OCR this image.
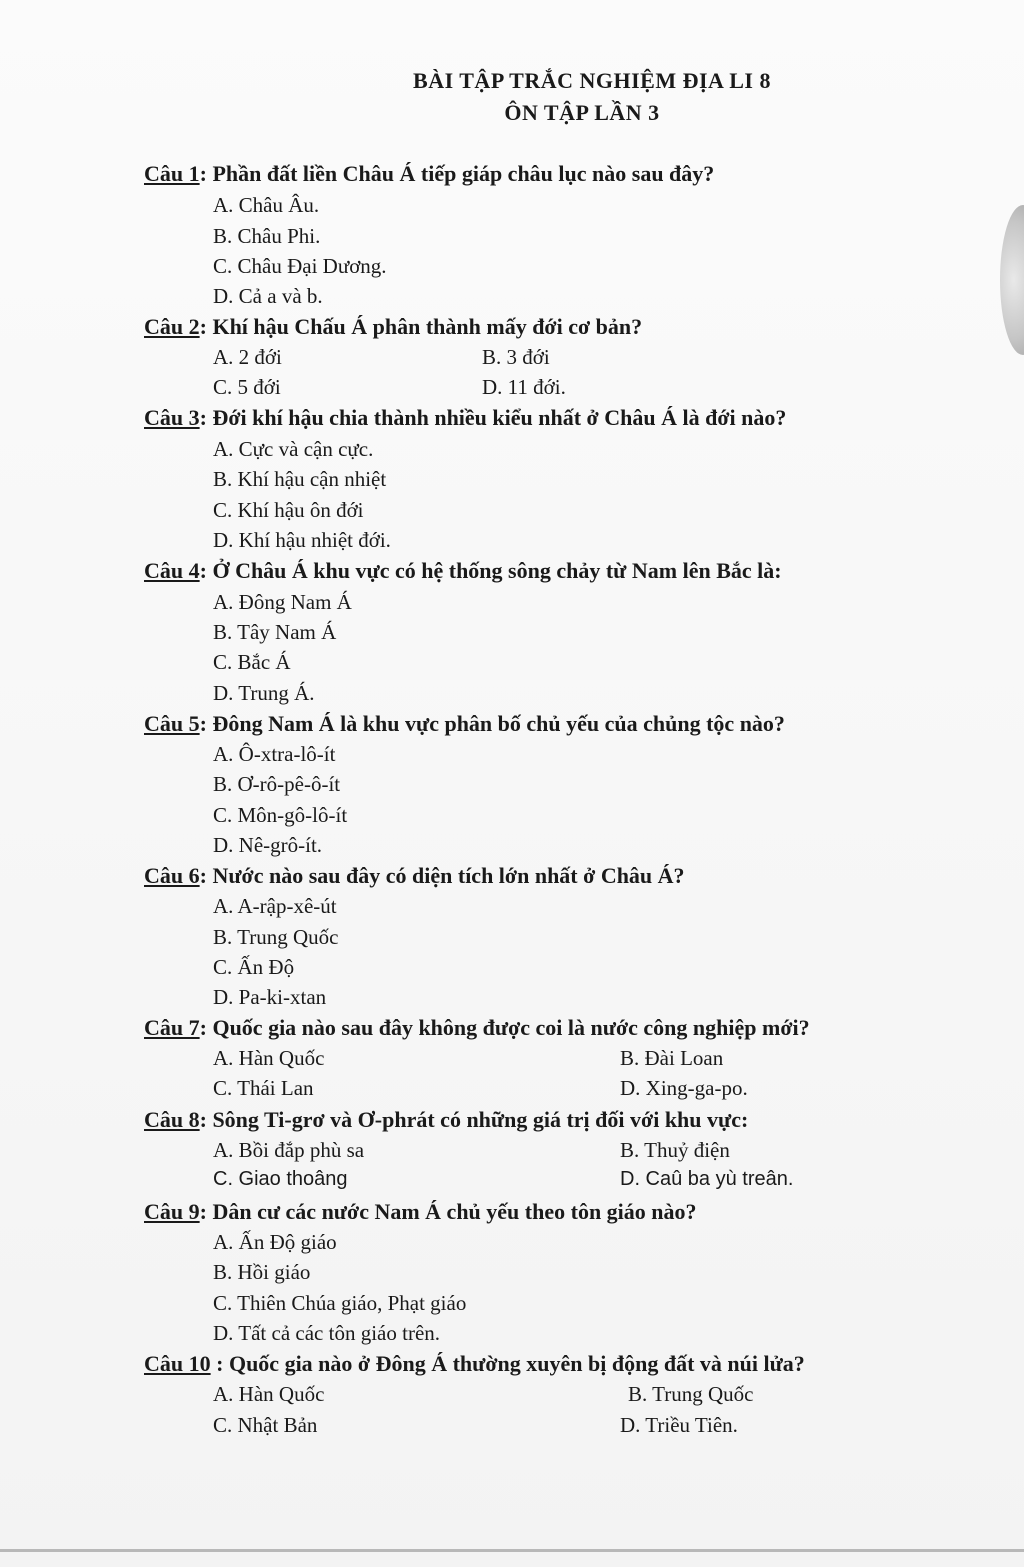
BÀI TẬP TRẮC NGHIỆM ĐỊA LI 8
ÔN TẬP LẦN 3
Câu 1: Phần đất liền Châu Á tiếp giáp châu lục nào sau đây?
A. Châu Âu.
B. Châu Phi.
C. Châu Đại Dương.
D. Cả a và b.
Câu 2: Khí hậu Chấu Á phân thành mấy đới cơ bản?
A. 2 đới	B. 3 đới
C. 5 đới	D. 11 đới.
Câu 3: Đới khí hậu chia thành nhiều kiểu nhất ở Châu Á là đới nào?
A. Cực và cận cực.
B. Khí hậu cận nhiệt
C. Khí hậu ôn đới
D. Khí hậu nhiệt đới.
Câu 4: Ở Châu Á khu vực có hệ thống sông chảy từ Nam lên Bắc là:
A. Đông Nam Á
B. Tây Nam Á
C. Bắc Á
D. Trung Á.
Câu 5: Đông Nam Á là khu vực phân bố chủ yếu của chủng tộc nào?
A. Ô-xtra-lô-ít
B. Ơ-rô-pê-ô-ít
C. Môn-gô-lô-ít
D. Nê-grô-ít.
Câu 6: Nước nào sau đây có diện tích lớn nhất ở Châu Á?
A. A-rập-xê-út
B. Trung Quốc
C. Ấn Độ
D. Pa-ki-xtan
Câu 7: Quốc gia nào sau đây không được coi là nước công nghiệp mới?
A. Hàn Quốc	B. Đài Loan
C. Thái Lan	D. Xing-ga-po.
Câu 8: Sông Ti-grơ và Ơ-phrát có những giá trị đối với khu vực:
A. Bồi đắp phù sa	B. Thuỷ điện
C. Giao thoâng	D. Caû ba yù treân.
Câu 9: Dân cư các nước Nam Á chủ yếu theo tôn giáo nào?
A. Ấn Độ giáo
B. Hồi giáo
C. Thiên Chúa giáo, Phạt giáo
D. Tất cả các tôn giáo trên.
Câu 10 : Quốc gia nào ở Đông Á thường xuyên bị động đất và núi lửa?
A. Hàn Quốc	B. Trung Quốc
C. Nhật Bản	D. Triều Tiên.
